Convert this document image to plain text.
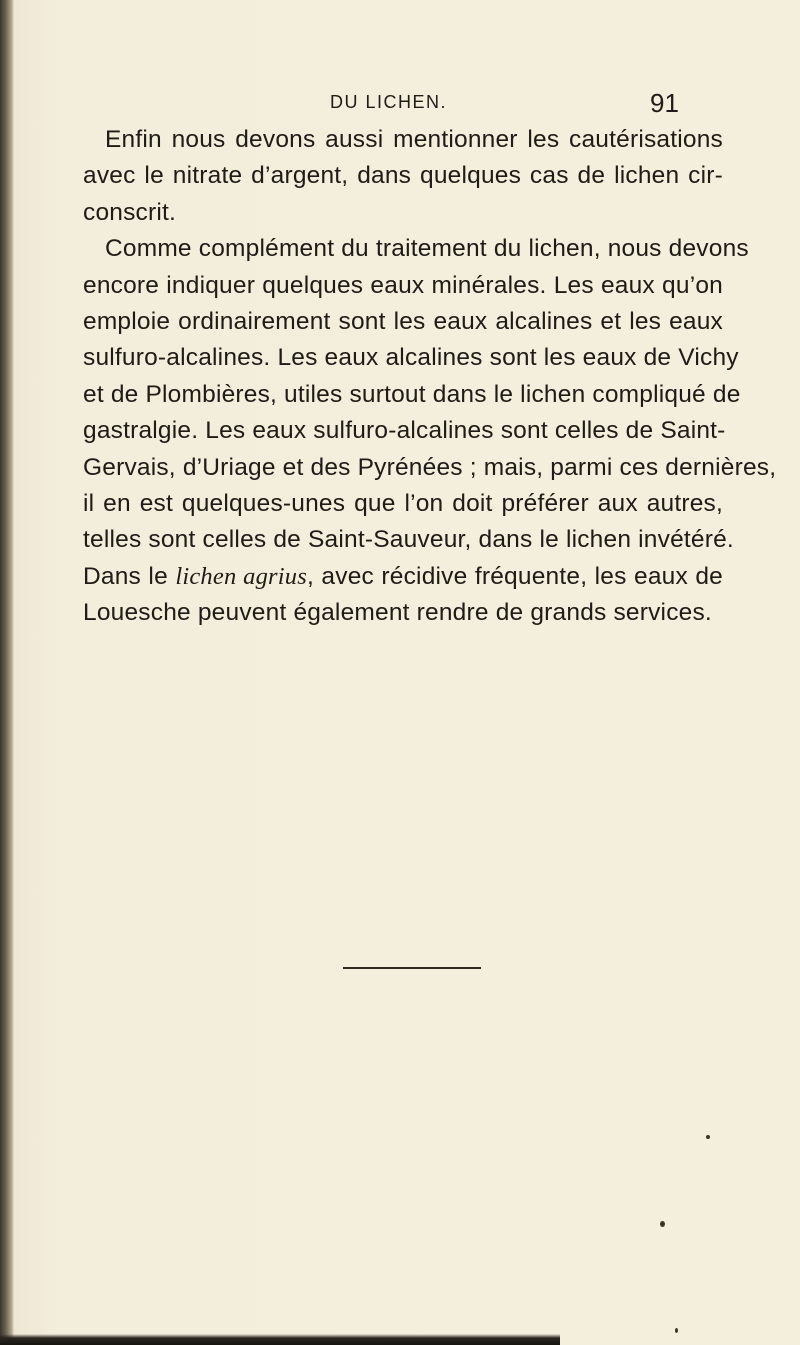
DU LICHEN.	91
Enfin nous devons aussi mentionner les cautérisations
avec le nitrate d’argent, dans quelques cas de lichen cir-
conscrit.
Comme complément du traitement du lichen, nous devons
encore indiquer quelques eaux minérales. Les eaux qu’on
emploie ordinairement sont les eaux alcalines et les eaux
sulfuro-alcalines. Les eaux alcalines sont les eaux de Vichy
et de Plombières, utiles surtout dans le lichen compliqué de
gastralgie. Les eaux sulfuro-alcalines sont celles de Saint-
Gervais, d’Uriage et des Pyrénées ; mais, parmi ces dernières,
il en est quelques-unes que l’on doit préférer aux autres,
telles sont celles de Saint-Sauveur, dans le lichen invétéré.
Dans le lichen agrius, avec récidive fréquente, les eaux de
Louesche peuvent également rendre de grands services.
